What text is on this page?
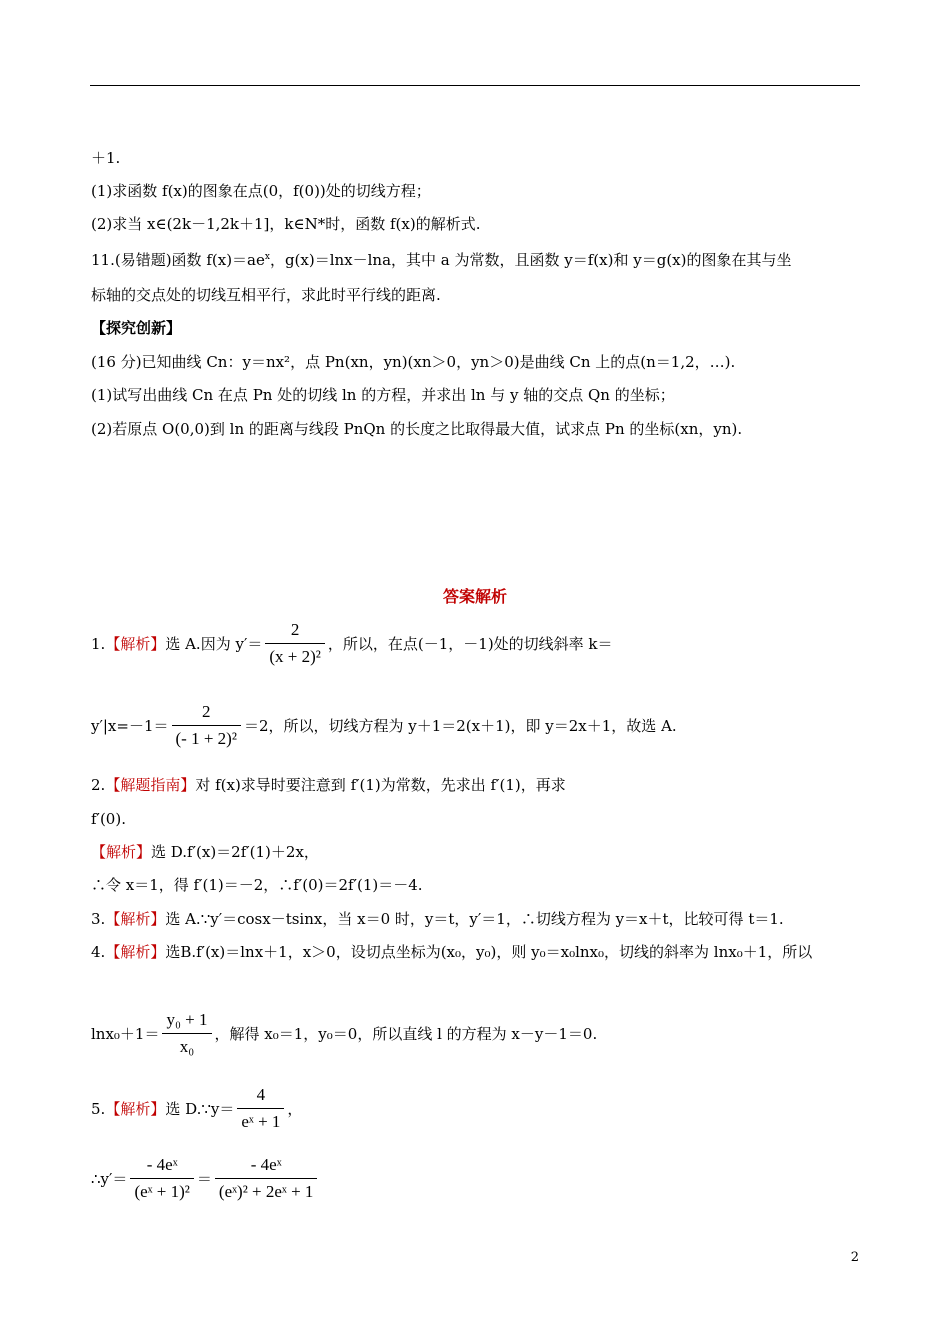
＋1.
(1)求函数 f(x)的图象在点(0，f(0))处的切线方程；
(2)求当 x∈(2k－1,2k＋1]，k∈N*时，函数 f(x)的解析式.
11.(易错题)函数 $f(x)=ae^x$，g(x)＝lnx－lna，其中 a 为常数，且函数 y＝f(x)和 y＝g(x)的图象在其与坐
标轴的交点处的切线互相平行，求此时平行线的距离.
【探究创新】
(16 分)已知曲线 Cn：y＝nx²，点 Pn(xn，yn)(xn＞0，yn＞0)是曲线 Cn 上的点(n＝1,2，…).
(1)试写出曲线 Cn 在点 Pn 处的切线 ln 的方程，并求出 ln 与 y 轴的交点 Qn 的坐标；
(2)若原点 O(0,0)到 ln 的距离与线段 PnQn 的长度之比取得最大值，试求点 Pn 的坐标(xn，yn).
答案解析
1. 【解析】 选 A.因为 $y'= \frac{2}{\text{(x + 2)²}}$ ，所以，在点(－1，－1)处的切线斜率 k＝
$y'|x=-1= \frac{2}{\text{(- 1 + 2)²}} =2$，所以，切线方程为 y＋1＝2(x＋1)，即 y＝2x＋1，故选 A.
2.【解题指南】对 f(x)求导时要注意到 f′(1)为常数，先求出 f′(1)，再求
f′(0).
【解析】选 D.f′(x)＝2f′(1)＋2x，
∴令 x＝1，得 f′(1)＝－2，∴f′(0)＝2f′(1)＝－4.
3.【解析】选 A.∵y′＝cosx－tsinx，当 x＝0 时，y＝t，y′＝1，∴切线方程为 y＝x＋t，比较可得 t＝1.
4.【解析】选B.f′(x)＝lnx＋1，x＞0，设切点坐标为(x₀，y₀)，则 y₀＝x₀lnx₀，切线的斜率为 lnx₀＋1，所以
$\ln x_0+1= \frac{\text{y₀ + 1}}{\text{x₀}}$ ，解得 x₀＝1，y₀＝0，所以直线 l 的方程为 x－y－1＝0.
5. 【解析】 选 D.∵y＝ $\frac{4}{\text{eˣ + 1}}$ ，
∴y′＝ $\frac{\text{- 4eˣ}}{\text{(eˣ + 1)²}} = \frac{\text{- 4eˣ}}{\text{(eˣ)² + 2eˣ + 1}}$
2
